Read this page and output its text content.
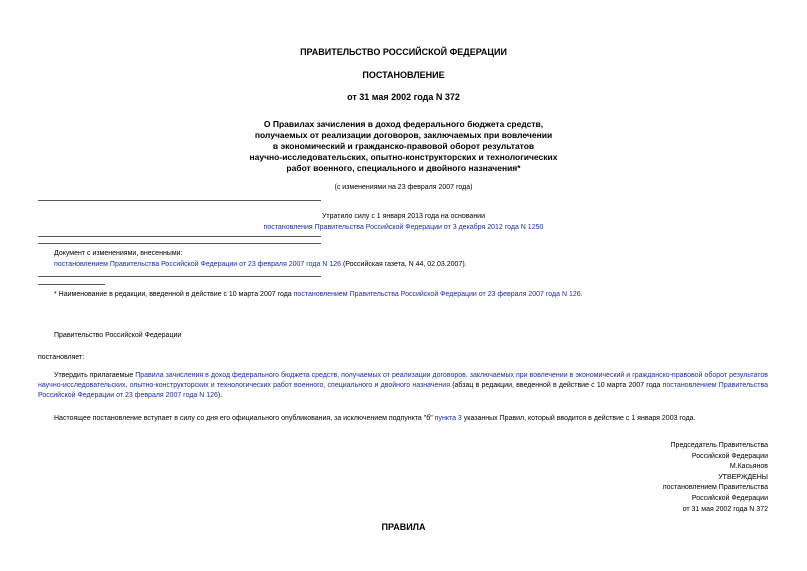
ПРАВИТЕЛЬСТВО РОССИЙСКОЙ ФЕДЕРАЦИИ
ПОСТАНОВЛЕНИЕ
от 31 мая 2002 года N 372
О Правилах зачисления в доход федерального бюджета средств,
получаемых от реализации договоров, заключаемых при вовлечении
в экономический и гражданско-правовой оборот результатов
научно-исследовательских, опытно-конструкторских и технологических
работ военного, специального и двойного назначения*
(с изменениями на 23 февраля 2007 года)
Утратило силу с 1 января 2013 года на основании
постановления Правительства Российской Федерации от 3 декабря 2012 года N 1250
Документ с изменениями, внесенными:
постановлением Правительства Российской Федерации от 23 февраля 2007 года N 126 (Российская газета, N 44, 02.03.2007).
* Наименование в редакции, введенной в действие с 10 марта 2007 года постановлением Правительства Российской Федерации от 23 февраля 2007 года N 126.
Правительство Российской Федерации
постановляет:
Утвердить прилагаемые Правила зачисления в доход федерального бюджета средств, получаемых от реализации договоров, заключаемых при вовлечении в экономический и гражданско-правовой оборот результатов научно-исследовательских, опытно-конструкторских и технологических работ военного, специального и двойного назначения (абзац в редакции, введенной в действие с 10 марта 2007 года постановлением Правительства Российской Федерации от 23 февраля 2007 года N 126).
Настоящее постановление вступает в силу со дня его официального опубликования, за исключением подпункта "б" пункта 3 указанных Правил, который вводится в действие с 1 января 2003 года.
Председатель Правительства
Российской Федерации
М.Касьянов
УТВЕРЖДЕНЫ
постановлением Правительства
Российской Федерации
от 31 мая 2002 года N 372
ПРАВИЛА
